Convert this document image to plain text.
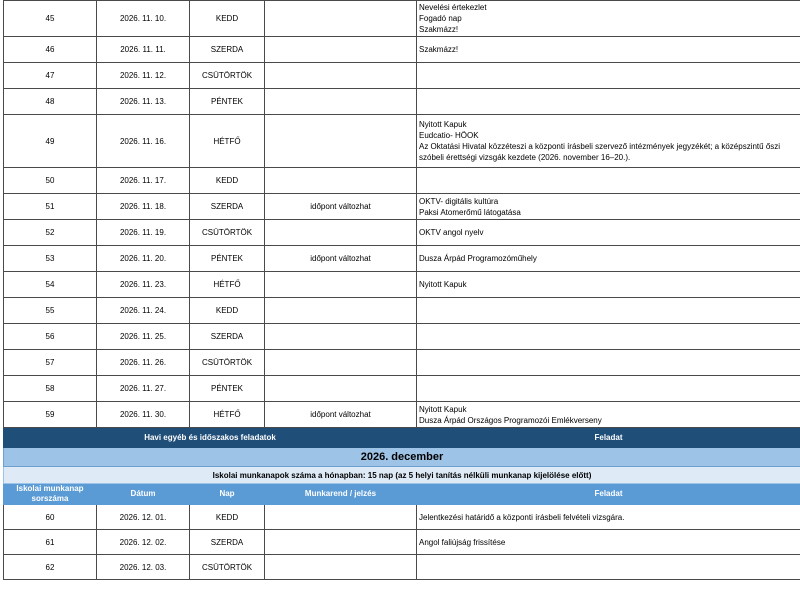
45	2026. 11. 10.	KEDD		Nevelési értekezlet
Fogadó nap
Szakmázz!

46	2026. 11. 11.	SZERDA		Szakmázz!

47	2026. 11. 12.	CSÜTÖRTÖK		
48	2026. 11. 13.	PÉNTEK		
49	2026. 11. 16.	HÉTFŐ		Nyitott Kapuk
Eudcatio- HÖOK
Az Oktatási Hivatal közzéteszi a központi írásbeli szervező intézmények jegyzékét; a középszintű őszi szóbeli érettségi vizsgák kezdete (2026. november 16–20.).

50	2026. 11. 17.	KEDD		
51	2026. 11. 18.	SZERDA	időpont változhat	OKTV- digitális kultúra
Paksi Atomerőmű látogatása

52	2026. 11. 19.	CSÜTÖRTÖK		OKTV angol nyelv

53	2026. 11. 20.	PÉNTEK	időpont változhat	Dusza Árpád Programozóműhely

54	2026. 11. 23.	HÉTFŐ		Nyitott Kapuk

55	2026. 11. 24.	KEDD		
56	2026. 11. 25.	SZERDA		
57	2026. 11. 26.	CSÜTÖRTÖK		
58	2026. 11. 27.	PÉNTEK		
59	2026. 11. 30.	HÉTFŐ	időpont változhat	Nyitott Kapuk
Dusza Árpád Országos Programozói Emlékverseny

Havi egyéb és időszakos feladatok				Feladat
2026. december				
Iskolai munkanapok száma a hónapban: 15 nap (az 5 helyi tanítás nélküli munkanap kijelölése előtt)				
Iskolai munkanap sorszáma	Dátum	Nap	Munkarend / jelzés	Feladat
60	2026. 12. 01.	KEDD		Jelentkezési határidő a központi írásbeli felvételi vizsgára.

61	2026. 12. 02.	SZERDA		Angol faliújság frissítése

62	2026. 12. 03.	CSÜTÖRTÖK		
